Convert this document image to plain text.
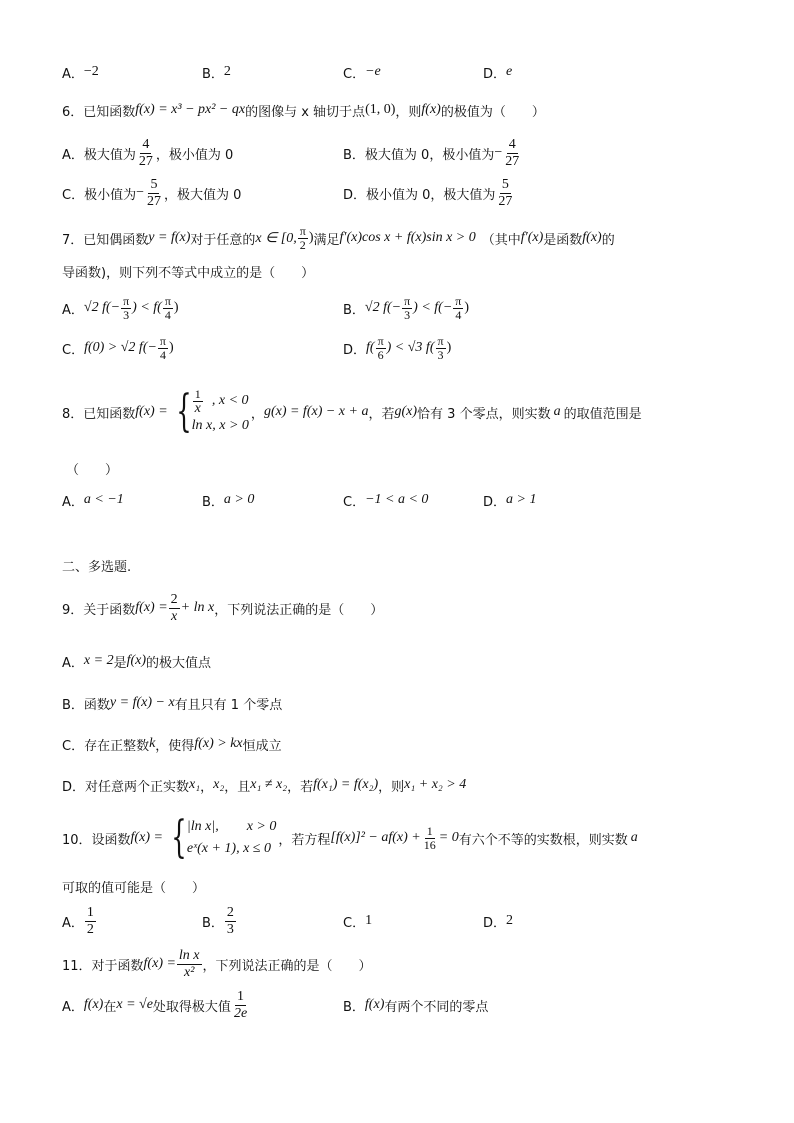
A． −2	B． 2	C． −e	D． e
6．已知函数 f(x) = x³ − px² − qx 的图像与 x 轴切于点 (1, 0) ，则 f(x) 的极值为（　　）
A．极大值为 $\frac{4}{27}$ ，极小值为 0	B．极大值为 0，极小值为 − $\frac{4}{27}$
C．极小值为 − $\frac{5}{27}$ ，极大值为 0	D．极小值为 0，极大值为 $\frac{5}{27}$
7．已知偶函数 y = f(x) 对于任意的 x ∈ [0, $\frac{\pi}{2}$ ) 满足 f′(x)cos x + f(x)sin x > 0 （其中 f′(x) 是函数 f(x) 的
导函数)，则下列不等式中成立的是（　　）
A． √2 $f(- \frac{\pi}{3}$ ) < $f( \frac{\pi}{4}$ )	B． √2 $f(- \frac{\pi}{3}$ ) < $f(- \frac{\pi}{4}$ )
C． f(0) > √2 $f(- \frac{\pi}{4}$ )	D． $f( \frac{\pi}{6}$ ) < √3 $f( \frac{\pi}{3}$ )
8．已知函数 f(x) = { $\frac{1}{x}$ , x < 0
ln x, x > 0
， g(x) = f(x) − x + a ，若 g(x) 恰有 3 个零点，则实数 a 的取值范围是
（　　）
A． a < −1	B． a > 0	C． −1 < a < 0	D． a > 1
二、多选题.
9．关于函数 $f(x) = \frac{2}{x} + \ln x$ ，下列说法正确的是（　　）
A． x = 2 是 f(x) 的极大值点
B．函数 y = f(x) − x 有且只有 1 个零点
C．存在正整数 k ，使得 f(x) > kx 恒成立
D．对任意两个正实数 x₁ ， x₂ ，且 x₁ ≠ x₂ ，若 f(x₁) = f(x₂) ，则 x₁ + x₂ > 4
10．设函数 f(x) = { |ln x|,　　x > 0
eˣ(x + 1), x ≤ 0
，若方程 $[f(x)]^2 - af(x) + \frac{1}{16} = 0$ 有六个不等的实数根，则实数 a
可取的值可能是（　　）
A． $\frac{1}{2}$	B． $\frac{2}{3}$	C． 1	D． 2
11．对于函数 $f(x) = \frac{\text{ln x}}{\text{x²}}$ ，下列说法正确的是（　　）
A． f(x) 在 x = √e 处取得极大值 $\frac{1}{2e}$	B． f(x) 有两个不同的零点
